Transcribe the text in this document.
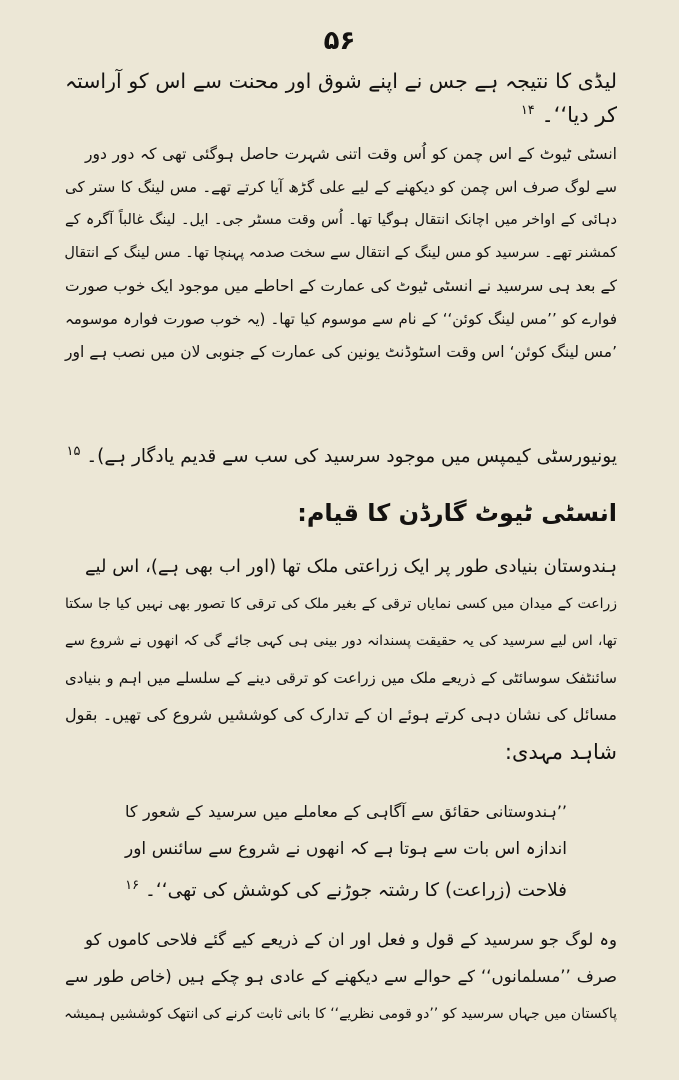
۵۶
لیڈی کا نتیجہ ہے جس نے اپنے شوق اور محنت سے اس کو آراستہ
کر دیا‘‘۔ $^{۱۴}$
انسٹی ٹیوٹ کے اس چمن کو اُس وقت اتنی شہرت حاصل ہوگئی تھی کہ دور دور
سے لوگ صرف اس چمن کو دیکھنے کے لیے علی گڑھ آیا کرتے تھے۔ مس لینگ کا ستر کی
دہائی کے اواخر میں اچانک انتقال ہوگیا تھا۔ اُس وقت مسٹر جی۔ ایل۔ لینگ غالباً آگرہ کے
کمشنر تھے۔ سرسید کو مس لینگ کے انتقال سے سخت صدمہ پہنچا تھا۔ مس لینگ کے انتقال
کے بعد ہی سرسید نے انسٹی ٹیوٹ کی عمارت کے احاطے میں موجود ایک خوب صورت
فوارے کو ’’مس لینگ کوئن‘‘ کے نام سے موسوم کیا تھا۔ (یہ خوب صورت فوارہ موسومہ
’مس لینگ کوئن‘ اس وقت اسٹوڈنٹ یونین کی عمارت کے جنوبی لان میں نصب ہے اور
یونیورسٹی کیمپس میں موجود سرسید کی سب سے قدیم یادگار ہے)۔ $^{۱۵}$
انسٹی ٹیوٹ گارڈن کا قیام:
ہندوستان بنیادی طور پر ایک زراعتی ملک تھا (اور اب بھی ہے)، اس لیے
زراعت کے میدان میں کسی نمایاں ترقی کے بغیر ملک کی ترقی کا تصور بھی نہیں کیا جا سکتا
تھا، اس لیے سرسید کی یہ حقیقت پسندانہ دور بینی ہی کہی جائے گی کہ انھوں نے شروع سے
سائنٹفک سوسائٹی کے ذریعے ملک میں زراعت کو ترقی دینے کے سلسلے میں اہم و بنیادی
مسائل کی نشان دہی کرتے ہوئے ان کے تدارک کی کوششیں شروع کی تھیں۔ بقول
شاہد مہدی:
’’ہندوستانی حقائق سے آگاہی کے معاملے میں سرسید کے شعور کا
اندازہ اس بات سے ہوتا ہے کہ انھوں نے شروع سے سائنس اور
فلاحت (زراعت) کا رشتہ جوڑنے کی کوشش کی تھی‘‘۔ $^{۱۶}$
وہ لوگ جو سرسید کے قول و فعل اور ان کے ذریعے کیے گئے فلاحی کاموں کو
صرف ’’مسلمانوں‘‘ کے حوالے سے دیکھنے کے عادی ہو چکے ہیں (خاص طور سے
پاکستان میں جہاں سرسید کو ’’دو قومی نظریے‘‘ کا بانی ثابت کرنے کی انتھک کوششیں ہمیشہ
